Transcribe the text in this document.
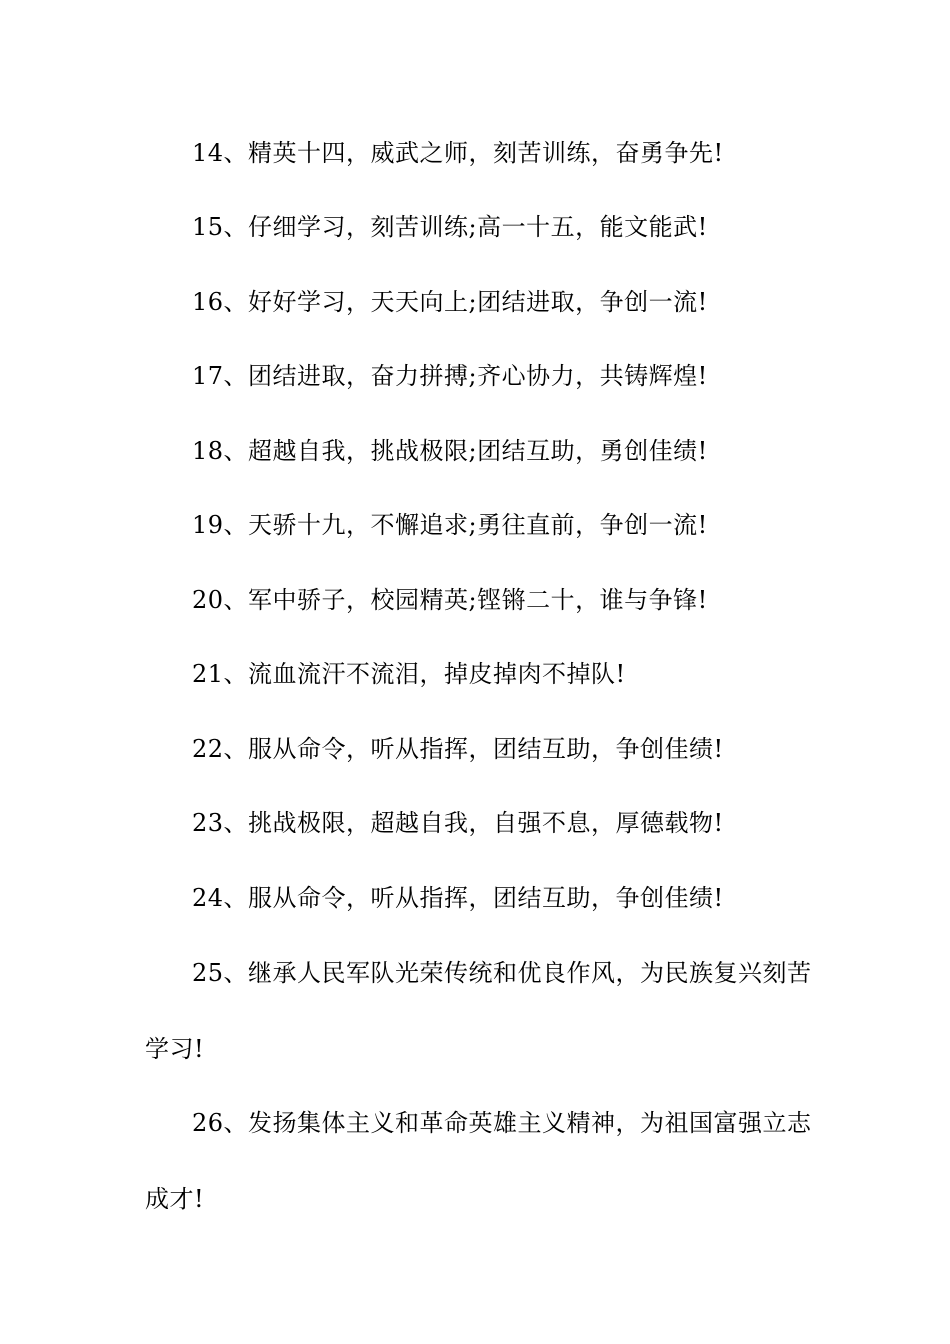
14、精英十四，威武之师，刻苦训练，奋勇争先!
15、仔细学习，刻苦训练;高一十五，能文能武!
16、好好学习，天天向上;团结进取，争创一流!
17、团结进取，奋力拼搏;齐心协力，共铸辉煌!
18、超越自我，挑战极限;团结互助，勇创佳绩!
19、天骄十九，不懈追求;勇往直前，争创一流!
20、军中骄子，校园精英;铿锵二十，谁与争锋!
21、流血流汗不流泪，掉皮掉肉不掉队!
22、服从命令，听从指挥，团结互助，争创佳绩!
23、挑战极限，超越自我，自强不息，厚德载物!
24、服从命令，听从指挥，团结互助，争创佳绩!
25、继承人民军队光荣传统和优良作风，为民族复兴刻苦
学习!
26、发扬集体主义和革命英雄主义精神，为祖国富强立志
成才!
